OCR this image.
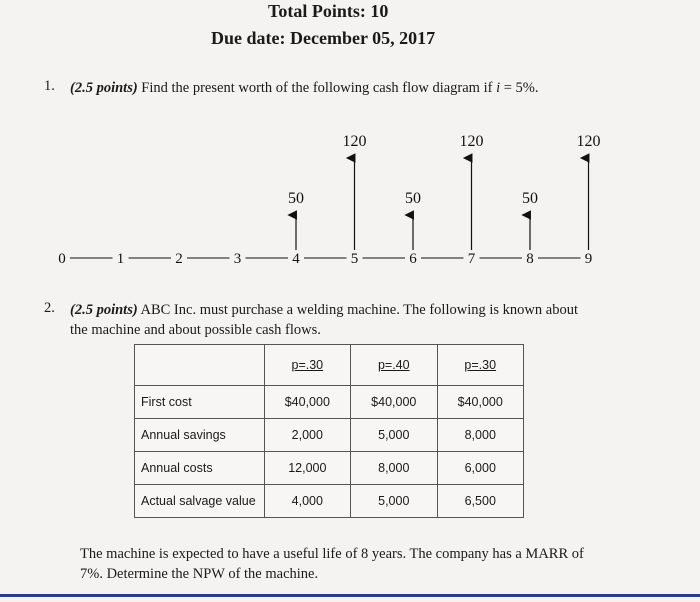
Total Points: 10
Due date: December 05, 2017
1. (2.5 points) Find the present worth of the following cash flow diagram if i = 5%.
0	1	2	3	4	5	6	7	8	9
50
120
50
120
50
120
2. (2.5 points) ABC Inc. must purchase a welding machine. The following is known about
the machine and about possible cash flows.
	p=.30	p=.40	p=.30
First cost	$40,000	$40,000	$40,000
Annual savings	2,000	5,000	8,000
Annual costs	12,000	8,000	6,000
Actual salvage value	4,000	5,000	6,500
The machine is expected to have a useful life of 8 years. The company has a MARR of
7%. Determine the NPW of the machine.
